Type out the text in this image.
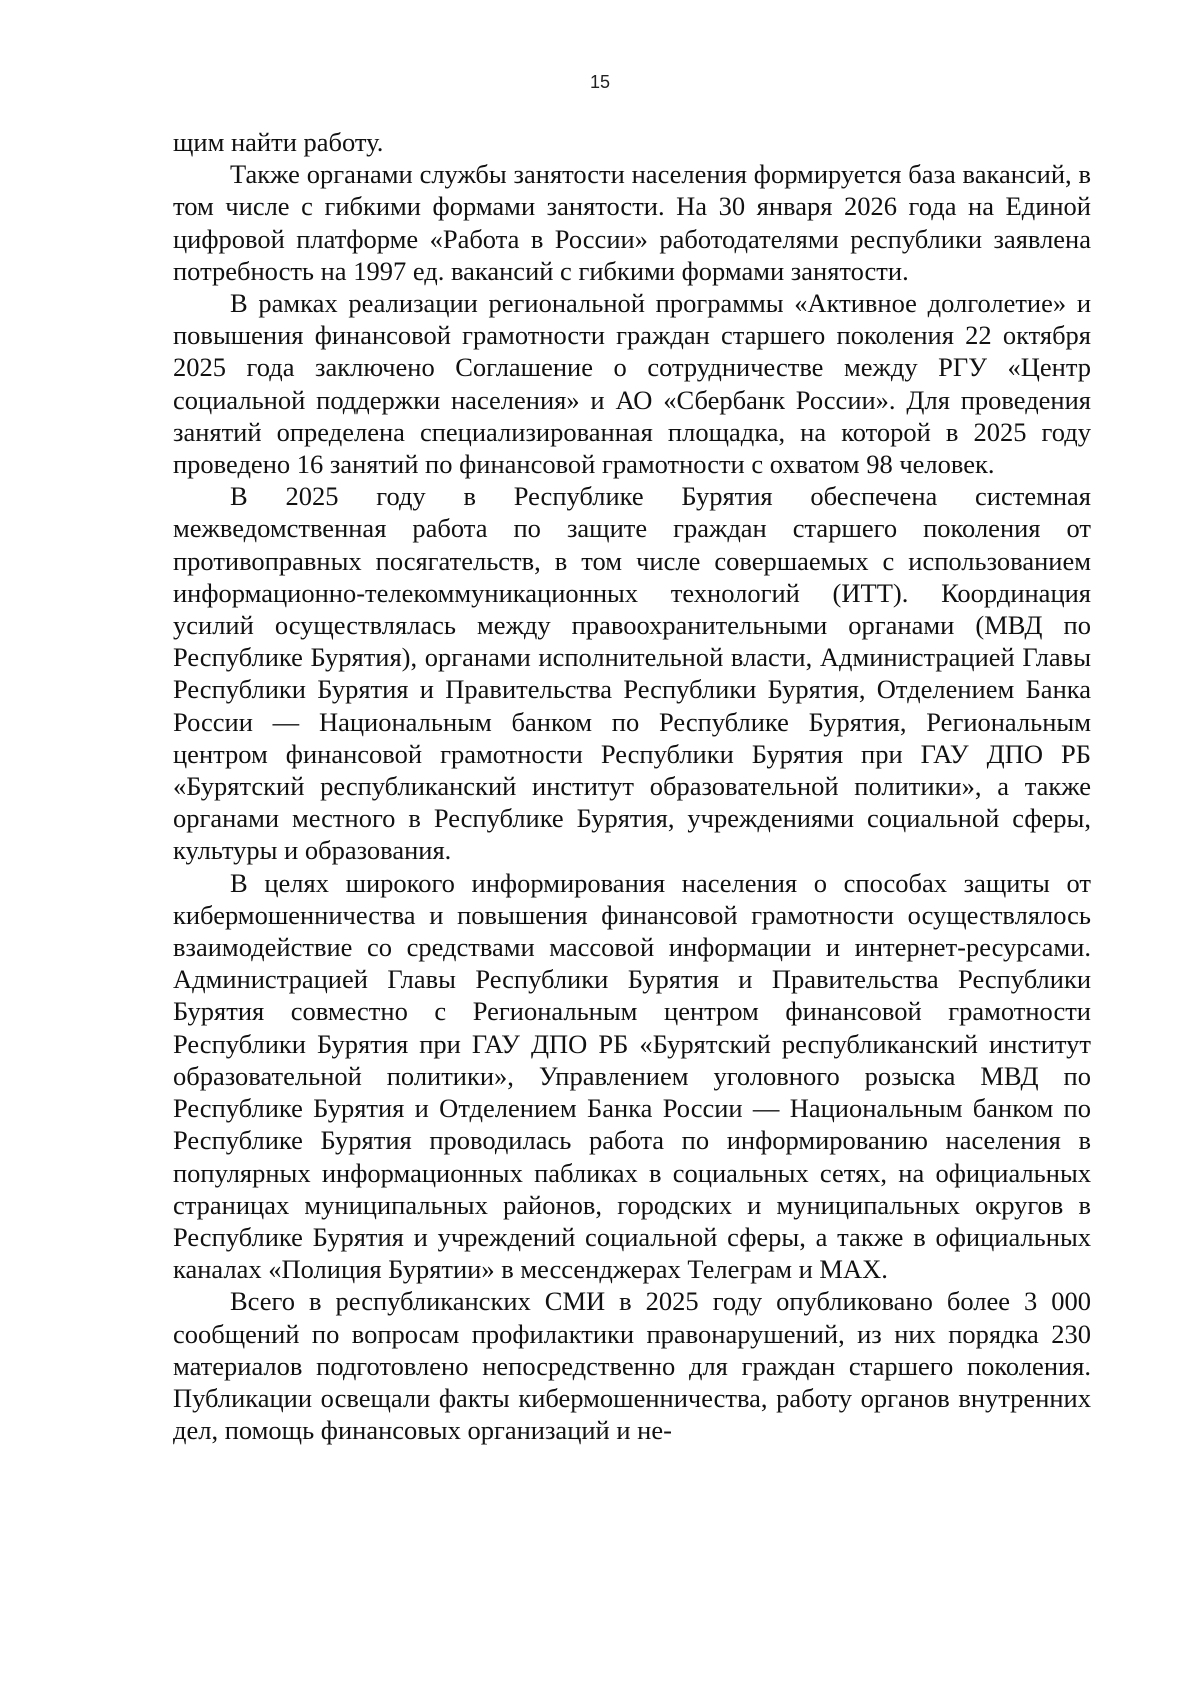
15

щим найти работу.

Также органами службы занятости населения формируется база вакансий, в том числе с гибкими формами занятости. На 30 января 2026 года на Единой цифровой платформе «Работа в России» работодателями республики заявлена потребность на 1997 ед. вакансий с гибкими формами занятости.

В рамках реализации региональной программы «Активное долголетие» и повышения финансовой грамотности граждан старшего поколения 22 октября 2025 года заключено Соглашение о сотрудничестве между РГУ «Центр социальной поддержки населения» и АО «Сбербанк России». Для проведения занятий определена специализированная площадка, на которой в 2025 году проведено 16 занятий по финансовой грамотности с охватом 98 человек.

В 2025 году в Республике Бурятия обеспечена системная межведомственная работа по защите граждан старшего поколения от противоправных посягательств, в том числе совершаемых с использованием информационно-телекоммуникационных технологий (ИТТ). Координация усилий осуществлялась между правоохранительными органами (МВД по Республике Бурятия), органами исполнительной власти, Администрацией Главы Республики Бурятия и Правительства Республики Бурятия, Отделением Банка России — Национальным банком по Республике Бурятия, Региональным центром финансовой грамотности Республики Бурятия при ГАУ ДПО РБ «Бурятский республиканский институт образовательной политики», а также органами местного в Республике Бурятия, учреждениями социальной сферы, культуры и образования.

В целях широкого информирования населения о способах защиты от кибермошенничества и повышения финансовой грамотности осуществлялось взаимодействие со средствами массовой информации и интернет-ресурсами. Администрацией Главы Республики Бурятия и Правительства Республики Бурятия совместно с Региональным центром финансовой грамотности Республики Бурятия при ГАУ ДПО РБ «Бурятский республиканский институт образовательной политики», Управлением уголовного розыска МВД по Республике Бурятия и Отделением Банка России — Национальным банком по Республике Бурятия проводилась работа по информированию населения в популярных информационных пабликах в социальных сетях, на официальных страницах муниципальных районов, городских и муниципальных округов в Республике Бурятия и учреждений социальной сферы, а также в официальных каналах «Полиция Бурятии» в мессенджерах Телеграм и МАХ.

Всего в республиканских СМИ в 2025 году опубликовано более 3 000 сообщений по вопросам профилактики правонарушений, из них порядка 230 материалов подготовлено непосредственно для граждан старшего поколения. Публикации освещали факты кибермошенничества, работу органов внутренних дел, помощь финансовых организаций и не-
